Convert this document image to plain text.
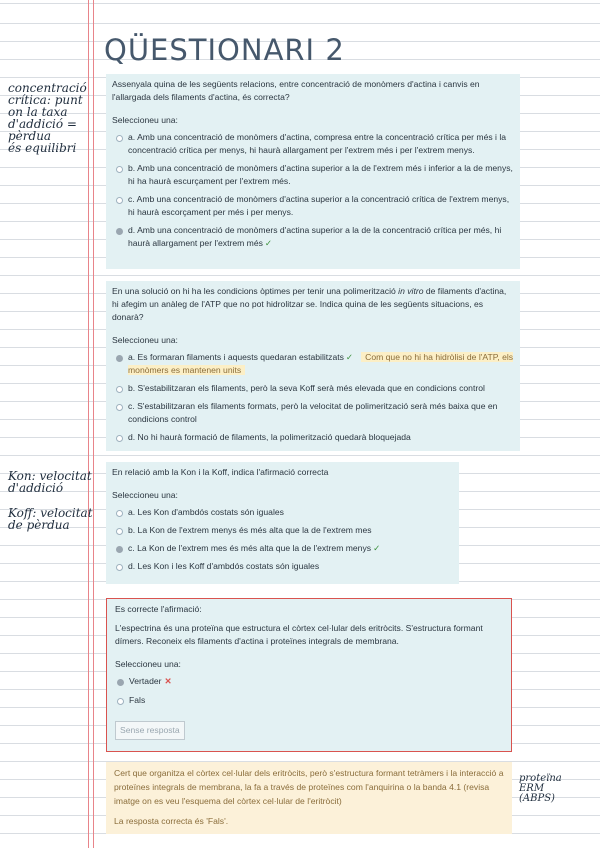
QÜESTIONARI 2
concentració
crítica: punt
on la taxa
d'addició =
pèrdua
és equilibri
Kon: velocitat
d'addició
Koff: velocitat
de pèrdua
proteïna
ERM
(ABPS)

Assenyala quina de les següents relacions, entre concentració de monòmers d'actina i canvis en l'allargada dels filaments d'actina, és correcta?

Seleccioneu una:
a. Amb una concentració de monòmers d'actina, compresa entre la concentració crítica per més i la concentració crítica per menys, hi haurà allargament per l'extrem més i per l'extrem menys.
b. Amb una concentració de monòmers d'actina superior a la de l'extrem més i inferior a la de menys, hi ha haurà escurçament per l'extrem més.
c. Amb una concentració de monòmers d'actina superior a la concentració crítica de l'extrem menys, hi haurà escorçament per més i per menys.
d. Amb una concentració de monòmers d'actina superior a la de la concentració crítica per més, hi haurà allargament per l'extrem més ✓

En una solució on hi ha les condicions òptimes per tenir una polimerització in vitro de filaments d'actina, hi afegim un anàleg de l'ATP que no pot hidrolitzar se. Indica quina de les següents situacions, es donarà?

Seleccioneu una:
a. Es formaran filaments i aquests quedaran estabilitzats ✓ Com que no hi ha hidròlisi de l'ATP, els monòmers es mantenen units
b. S'estabilitzaran els filaments, però la seva Koff serà més elevada que en condicions control
c. S'estabilitzaran els filaments formats, però la velocitat de polimerització serà més baixa que en condicions control
d. No hi haurà formació de filaments, la polimerització quedarà bloquejada

En relació amb la Kon i la Koff, indica l'afirmació correcta

Seleccioneu una:
a. Les Kon d'ambdós costats són iguales
b. La Kon de l'extrem menys és més alta que la de l'extrem mes
c. La Kon de l'extrem mes és més alta que la de l'extrem menys ✓
d. Les Kon i les Koff d'ambdós costats són iguales
Es correcte l'afirmació:

L'espectrina és una proteïna que estructura el còrtex cel·lular dels eritròcits. S'estructura formant dímers. Reconeix els filaments d'actina i proteïnes integrals de membrana.

Seleccioneu una:
Vertader ✕
Fals
Sense resposta
Cert que organitza el còrtex cel·lular dels eritròcits, però s'estructura formant tetràmers i la interacció a proteïnes integrals de membrana, la fa a través de proteïnes com l'anquirina o la banda 4.1 (revisa imatge on es veu l'esquema del còrtex cel·lular de l'eritròcit)
La resposta correcta és 'Fals'.
